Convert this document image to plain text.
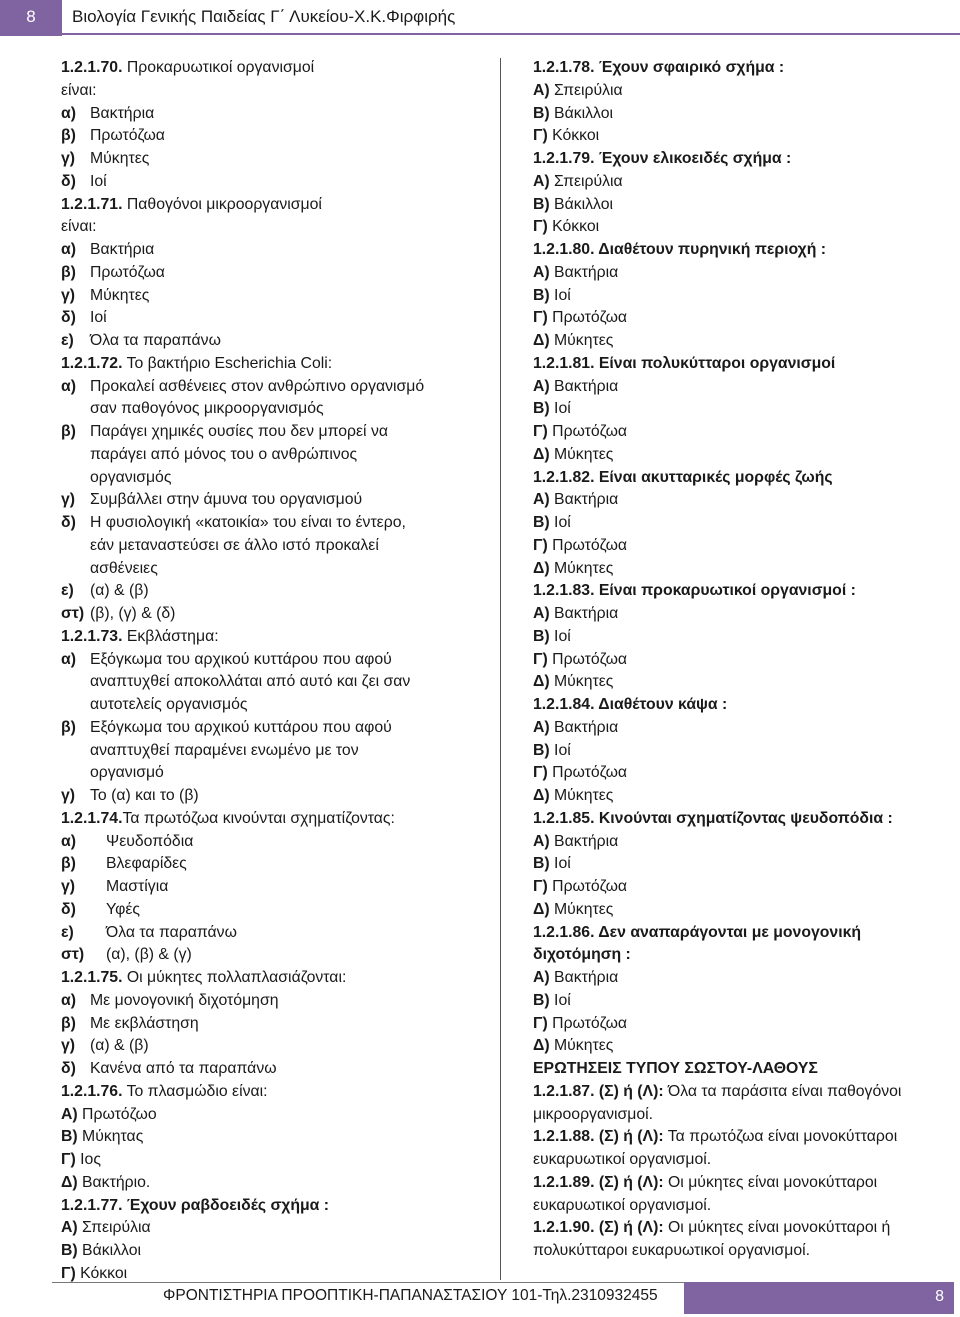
8	Βιολογία Γενικής Παιδείας Γ΄ Λυκείου-Χ.Κ.Φιρφιρής
1.2.1.70. Προκαρυωτικοί οργανισμοί
είναι:
α) Βακτήρια
β) Πρωτόζωα
γ) Μύκητες
δ) Ιοί
1.2.1.71. Παθογόνοι μικροοργανισμοί
είναι:
α) Βακτήρια
β) Πρωτόζωα
γ) Μύκητες
δ) Ιοί
ε) Όλα τα παραπάνω
1.2.1.72. Το βακτήριο Escherichia Coli:
α) Προκαλεί ασθένειες στον ανθρώπινο οργανισμό
σαν παθογόνος μικροοργανισμός
β) Παράγει χημικές ουσίες που δεν μπορεί να
παράγει από μόνος του ο ανθρώπινος
οργανισμός
γ) Συμβάλλει στην άμυνα του οργανισμού
δ) Η φυσιολογική «κατοικία» του είναι το έντερο,
εάν μεταναστεύσει σε άλλο ιστό προκαλεί
ασθένειες
ε) (α) & (β)
στ) (β), (γ) & (δ)
1.2.1.73. Εκβλάστημα:
α) Εξόγκωμα του αρχικού κυττάρου που αφού
αναπτυχθεί αποκολλάται από αυτό και ζει σαν
αυτοτελείς οργανισμός
β) Εξόγκωμα του αρχικού κυττάρου που αφού
αναπτυχθεί παραμένει ενωμένο με τον
οργανισμό
γ) Το (α) και το (β)
1.2.1.74.Τα πρωτόζωα κινούνται σχηματίζοντας:
α) Ψευδοπόδια
β) Βλεφαρίδες
γ) Μαστίγια
δ) Υφές
ε) Όλα τα παραπάνω
στ) (α), (β) & (γ)
1.2.1.75. Οι μύκητες πολλαπλασιάζονται:
α) Με μονογονική διχοτόμηση
β) Με εκβλάστηση
γ) (α) & (β)
δ) Κανένα από τα παραπάνω
1.2.1.76. Το πλασμώδιο είναι:
Α) Πρωτόζωο
Β) Μύκητας
Γ) Ιος
Δ) Βακτήριο.
1.2.1.77. Έχουν ραβδοειδές σχήμα :
Α) Σπειρύλια
Β) Βάκιλλοι
Γ) Κόκκοι
1.2.1.78. Έχουν σφαιρικό σχήμα :
Α) Σπειρύλια
Β) Βάκιλλοι
Γ) Κόκκοι
1.2.1.79. Έχουν ελικοειδές σχήμα :
Α) Σπειρύλια
Β) Βάκιλλοι
Γ) Κόκκοι
1.2.1.80. Διαθέτουν πυρηνική περιοχή :
Α) Βακτήρια
Β) Ιοί
Γ) Πρωτόζωα
Δ) Μύκητες
1.2.1.81. Είναι πολυκύτταροι οργανισμοί
Α) Βακτήρια
Β) Ιοί
Γ) Πρωτόζωα
Δ) Μύκητες
1.2.1.82. Είναι ακυτταρικές μορφές ζωής
Α) Βακτήρια
Β) Ιοί
Γ) Πρωτόζωα
Δ) Μύκητες
1.2.1.83. Είναι προκαρυωτικοί οργανισμοί :
Α) Βακτήρια
Β) Ιοί
Γ) Πρωτόζωα
Δ) Μύκητες
1.2.1.84. Διαθέτουν κάψα :
Α) Βακτήρια
Β) Ιοί
Γ) Πρωτόζωα
Δ) Μύκητες
1.2.1.85. Κινούνται σχηματίζοντας ψευδοπόδια :
Α) Βακτήρια
Β) Ιοί
Γ) Πρωτόζωα
Δ) Μύκητες
1.2.1.86. Δεν αναπαράγονται με μονογονική
διχοτόμηση :
Α) Βακτήρια
Β) Ιοί
Γ) Πρωτόζωα
Δ) Μύκητες
ΕΡΩΤΗΣΕΙΣ ΤΥΠΟΥ ΣΩΣΤΟΥ-ΛΑΘΟΥΣ
1.2.1.87. (Σ) ή (Λ): Όλα τα παράσιτα είναι παθογόνοι
μικροοργανισμοί.
1.2.1.88. (Σ) ή (Λ): Τα πρωτόζωα είναι μονοκύτταροι
ευκαρυωτικοί οργανισμοί.
1.2.1.89. (Σ) ή (Λ): Οι μύκητες είναι μονοκύτταροι
ευκαρυωτικοί οργανισμοί.
1.2.1.90. (Σ) ή (Λ): Οι μύκητες είναι μονοκύτταροι ή
πολυκύτταροι ευκαρυωτικοί οργανισμοί.
ΦΡΟΝΤΙΣΤΗΡΙΑ ΠΡΟΟΠΤΙΚΗ-ΠΑΠΑΝΑΣΤΑΣΙΟΥ 101-Τηλ.2310932455	8
